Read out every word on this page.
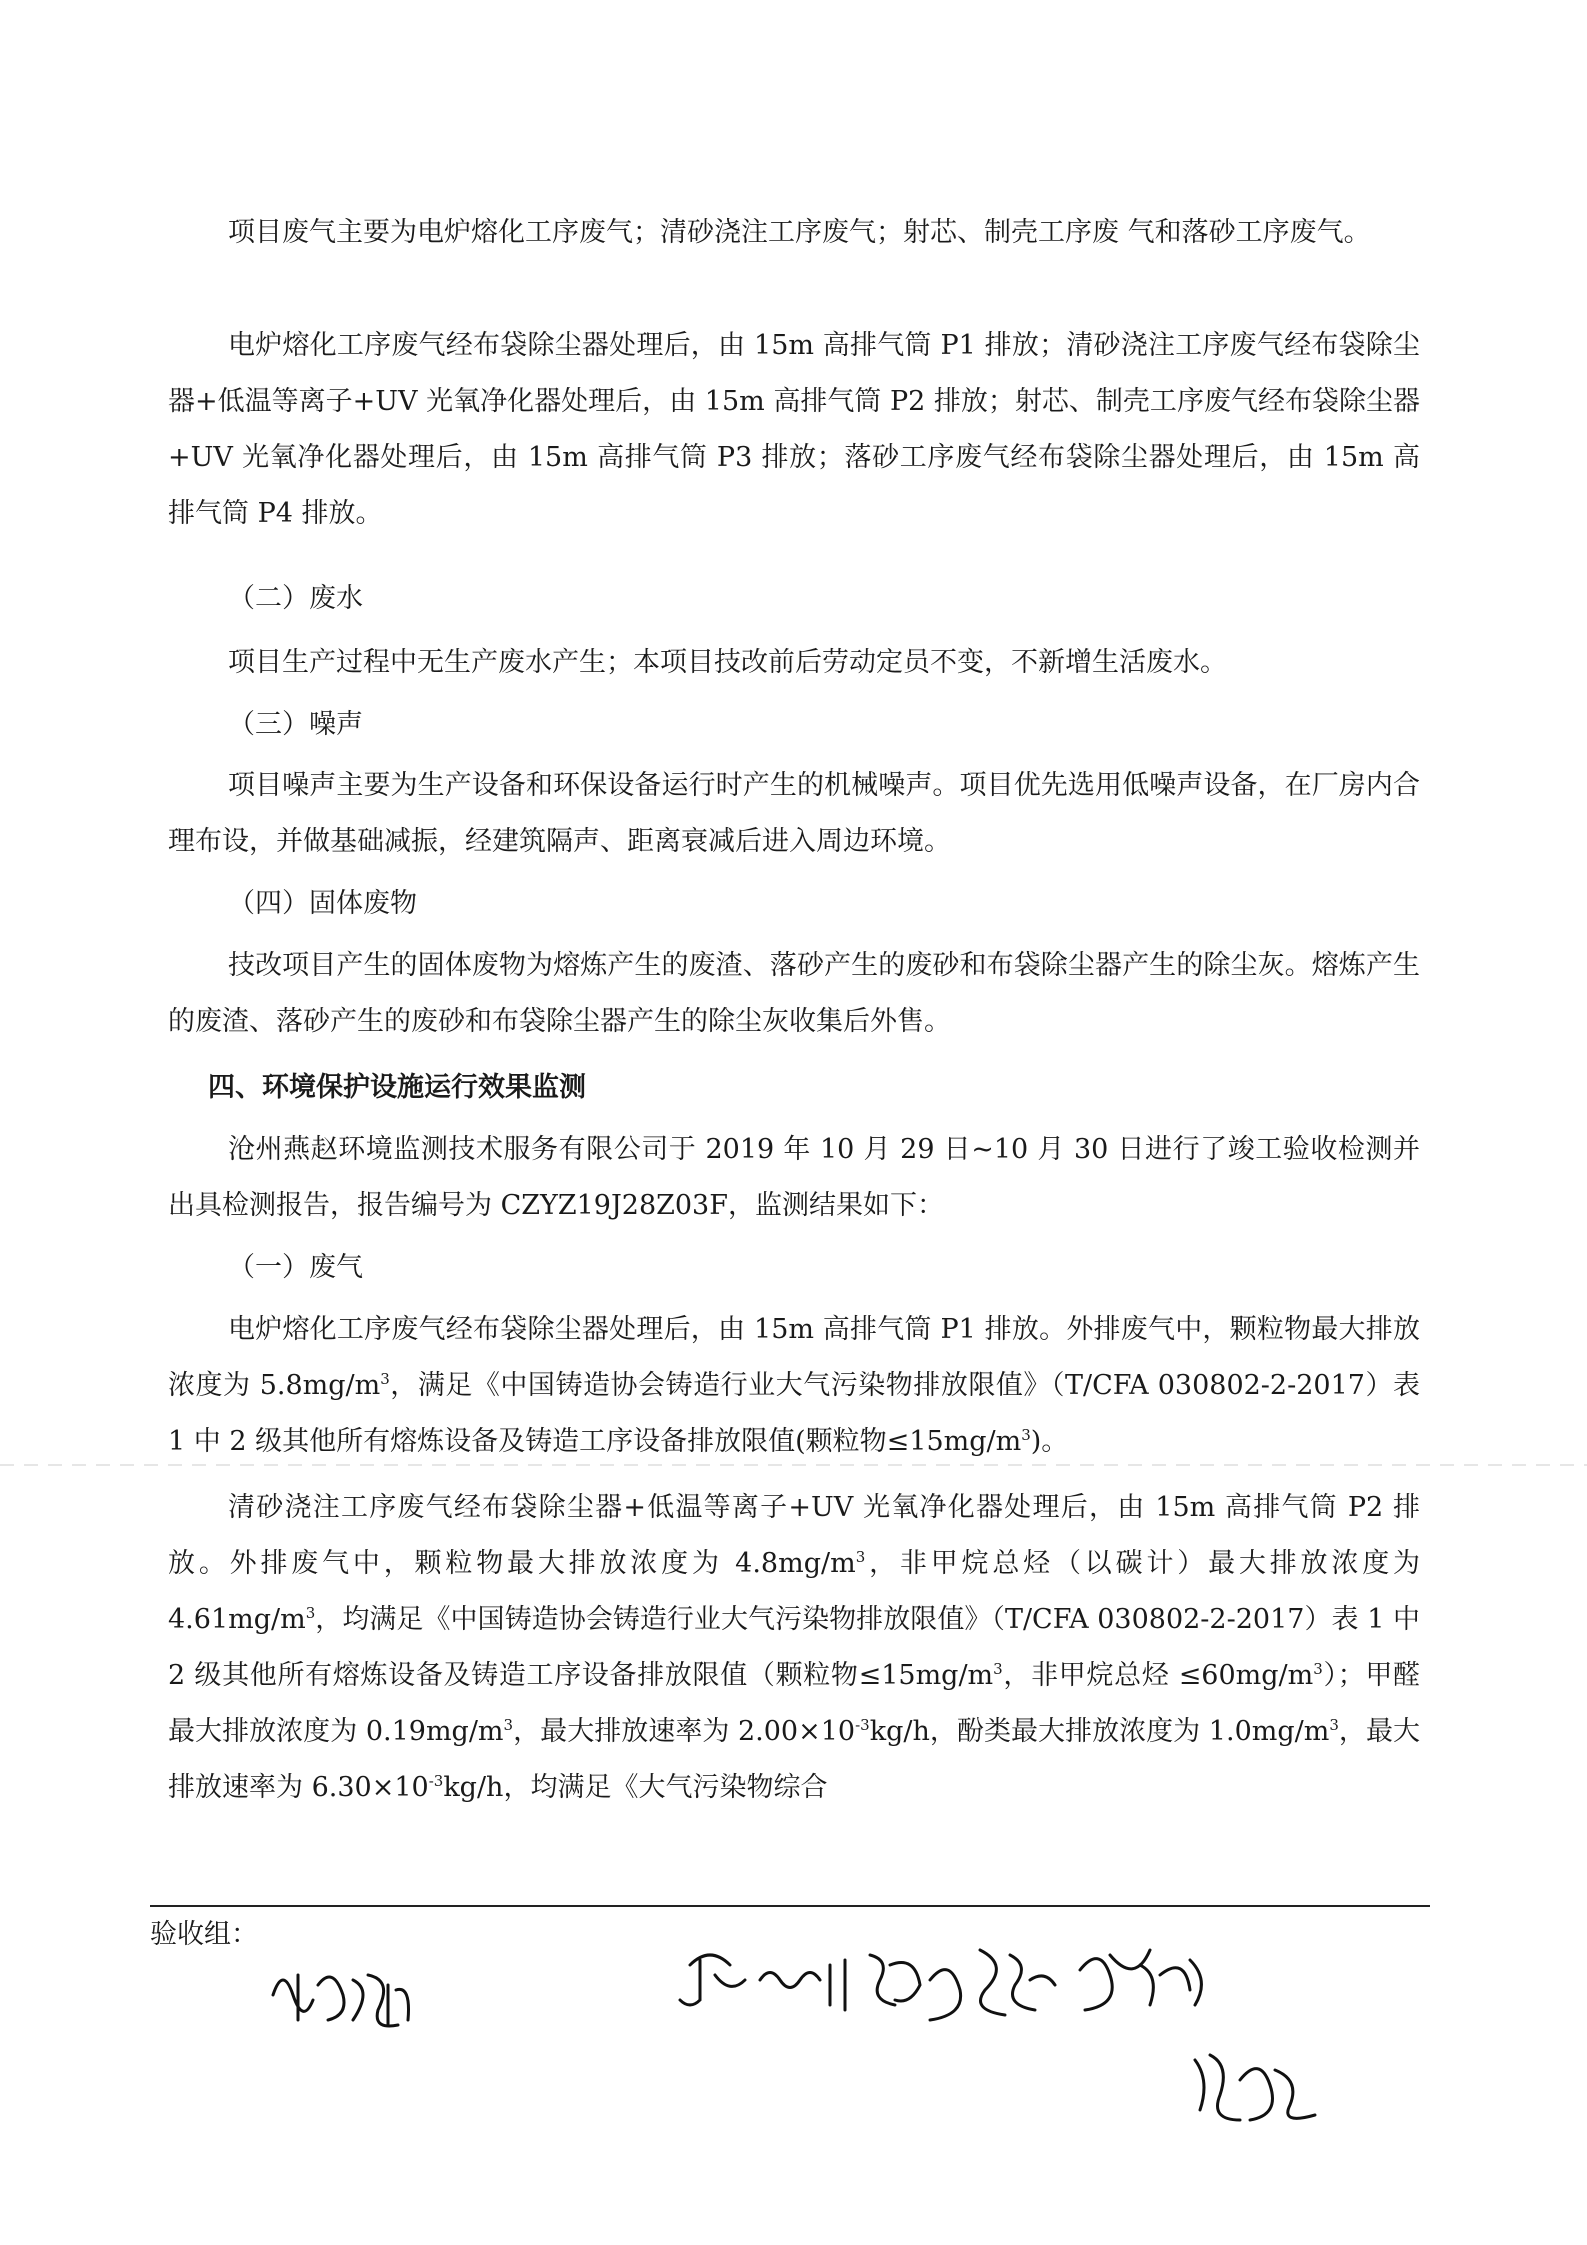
项目废气主要为电炉熔化工序废气；清砂浇注工序废气；射芯、制壳工序废 气和落砂工序废气。

电炉熔化工序废气经布袋除尘器处理后，由 15m 高排气筒 P1 排放；清砂浇注工序废气经布袋除尘器+低温等离子+UV 光氧净化器处理后，由 15m 高排气筒 P2 排放；射芯、制壳工序废气经布袋除尘器+UV 光氧净化器处理后，由 15m 高排气筒 P3 排放；落砂工序废气经布袋除尘器处理后，由 15m 高排气筒 P4 排放。

（二）废水

项目生产过程中无生产废水产生；本项目技改前后劳动定员不变，不新增生活废水。

（三）噪声

项目噪声主要为生产设备和环保设备运行时产生的机械噪声。项目优先选用低噪声设备，在厂房内合理布设，并做基础减振，经建筑隔声、距离衰减后进入周边环境。

（四）固体废物

技改项目产生的固体废物为熔炼产生的废渣、落砂产生的废砂和布袋除尘器产生的除尘灰。熔炼产生的废渣、落砂产生的废砂和布袋除尘器产生的除尘灰收集后外售。

四、环境保护设施运行效果监测

沧州燕赵环境监测技术服务有限公司于 2019 年 10 月 29 日~10 月 30 日进行了竣工验收检测并出具检测报告，报告编号为 CZYZ19J28Z03F，监测结果如下：

（一）废气

电炉熔化工序废气经布袋除尘器处理后，由 15m 高排气筒 P1 排放。外排废气中，颗粒物最大排放浓度为 $5.8mg/m^3$，满足《中国铸造协会铸造行业大气污染物排放限值》（T/CFA 030802-2-2017）表 1 中 2 级其他所有熔炼设备及铸造工序设备排放限值(颗粒物$\le 15mg/m^3$)。

清砂浇注工序废气经布袋除尘器+低温等离子+UV 光氧净化器处理后，由 15m 高排气筒 P2 排放。外排废气中，颗粒物最大排放浓度为 $4.8mg/m^3$，非甲烷总烃（以碳计）最大排放浓度为 $4.61mg/m^3$，均满足《中国铸造协会铸造行业大气污染物排放限值》（T/CFA 030802-2-2017）表 1 中 2 级其他所有熔炼设备及铸造工序设备排放限值（颗粒物$\le 15mg/m^3$，非甲烷总烃 $\le 60mg/m^3$）；甲醛最大排放浓度为 $0.19mg/m^3$，最大排放速率为 $2.00\times 10^{-3}kg/h$，酚类最大排放浓度为 $1.0mg/m^3$，最大排放速率为 $6.30\times 10^{-3}kg/h$，均满足《大气污染物综合

验收组：
